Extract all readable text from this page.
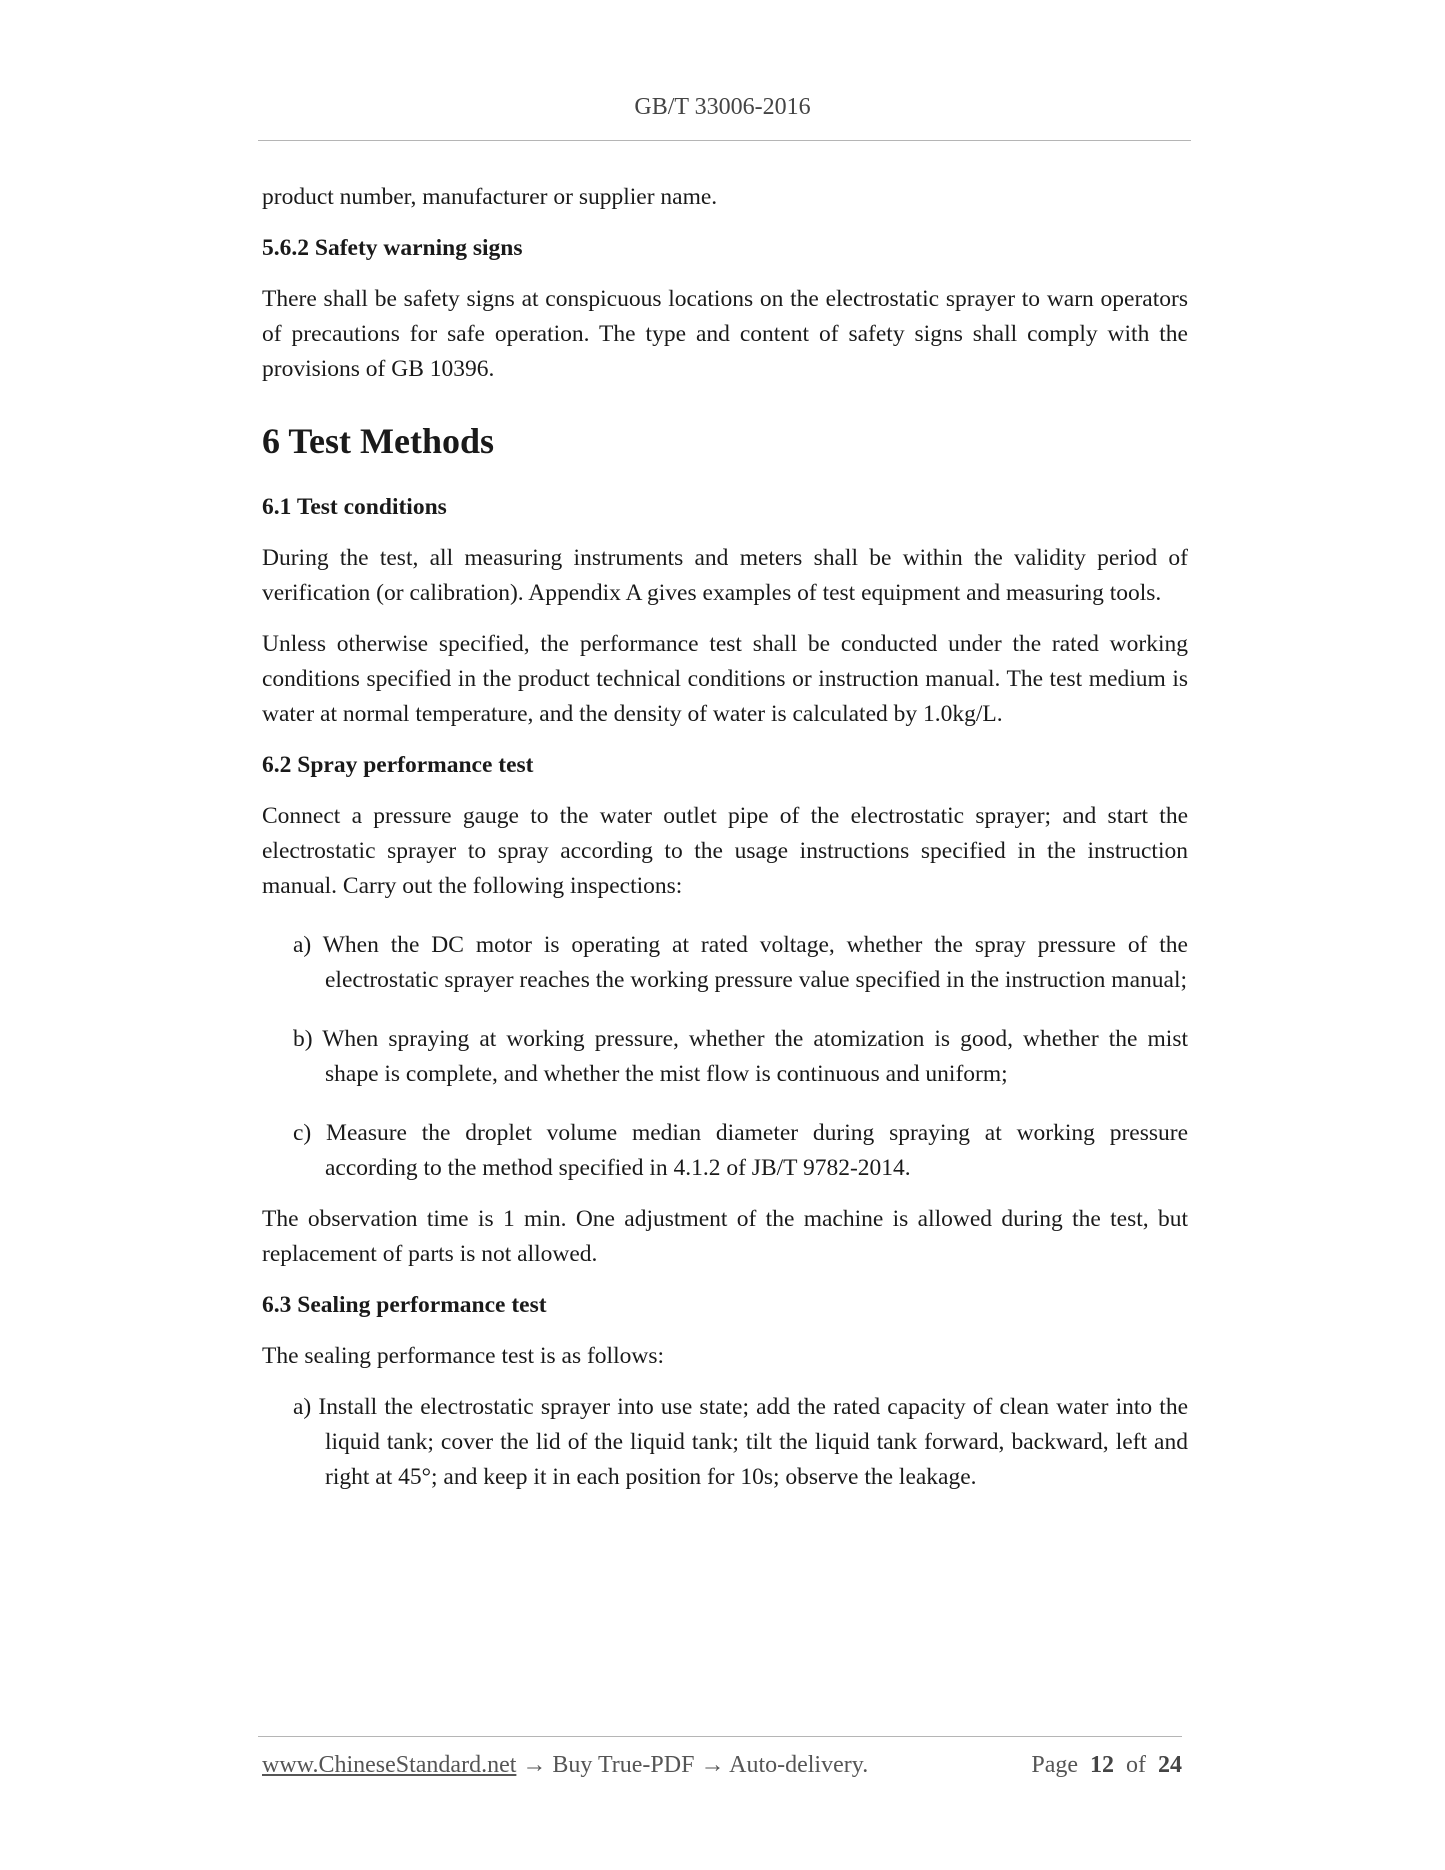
GB/T 33006-2016

product number, manufacturer or supplier name.

5.6.2 Safety warning signs

There shall be safety signs at conspicuous locations on the electrostatic sprayer to warn operators of precautions for safe operation. The type and content of safety signs shall comply with the provisions of GB 10396.

6 Test Methods

6.1 Test conditions

During the test, all measuring instruments and meters shall be within the validity period of verification (or calibration). Appendix A gives examples of test equipment and measuring tools.

Unless otherwise specified, the performance test shall be conducted under the rated working conditions specified in the product technical conditions or instruction manual. The test medium is water at normal temperature, and the density of water is calculated by 1.0kg/L.

6.2 Spray performance test

Connect a pressure gauge to the water outlet pipe of the electrostatic sprayer; and start the electrostatic sprayer to spray according to the usage instructions specified in the instruction manual. Carry out the following inspections:

a) When the DC motor is operating at rated voltage, whether the spray pressure of the electrostatic sprayer reaches the working pressure value specified in the instruction manual;

b) When spraying at working pressure, whether the atomization is good, whether the mist shape is complete, and whether the mist flow is continuous and uniform;

c) Measure the droplet volume median diameter during spraying at working pressure according to the method specified in 4.1.2 of JB/T 9782-2014.

The observation time is 1 min. One adjustment of the machine is allowed during the test, but replacement of parts is not allowed.

6.3 Sealing performance test

The sealing performance test is as follows:

a) Install the electrostatic sprayer into use state; add the rated capacity of clean water into the liquid tank; cover the lid of the liquid tank; tilt the liquid tank forward, backward, left and right at 45°; and keep it in each position for 10s; observe the leakage.

www.ChineseStandard.net → Buy True-PDF → Auto-delivery.	Page 12 of 24
